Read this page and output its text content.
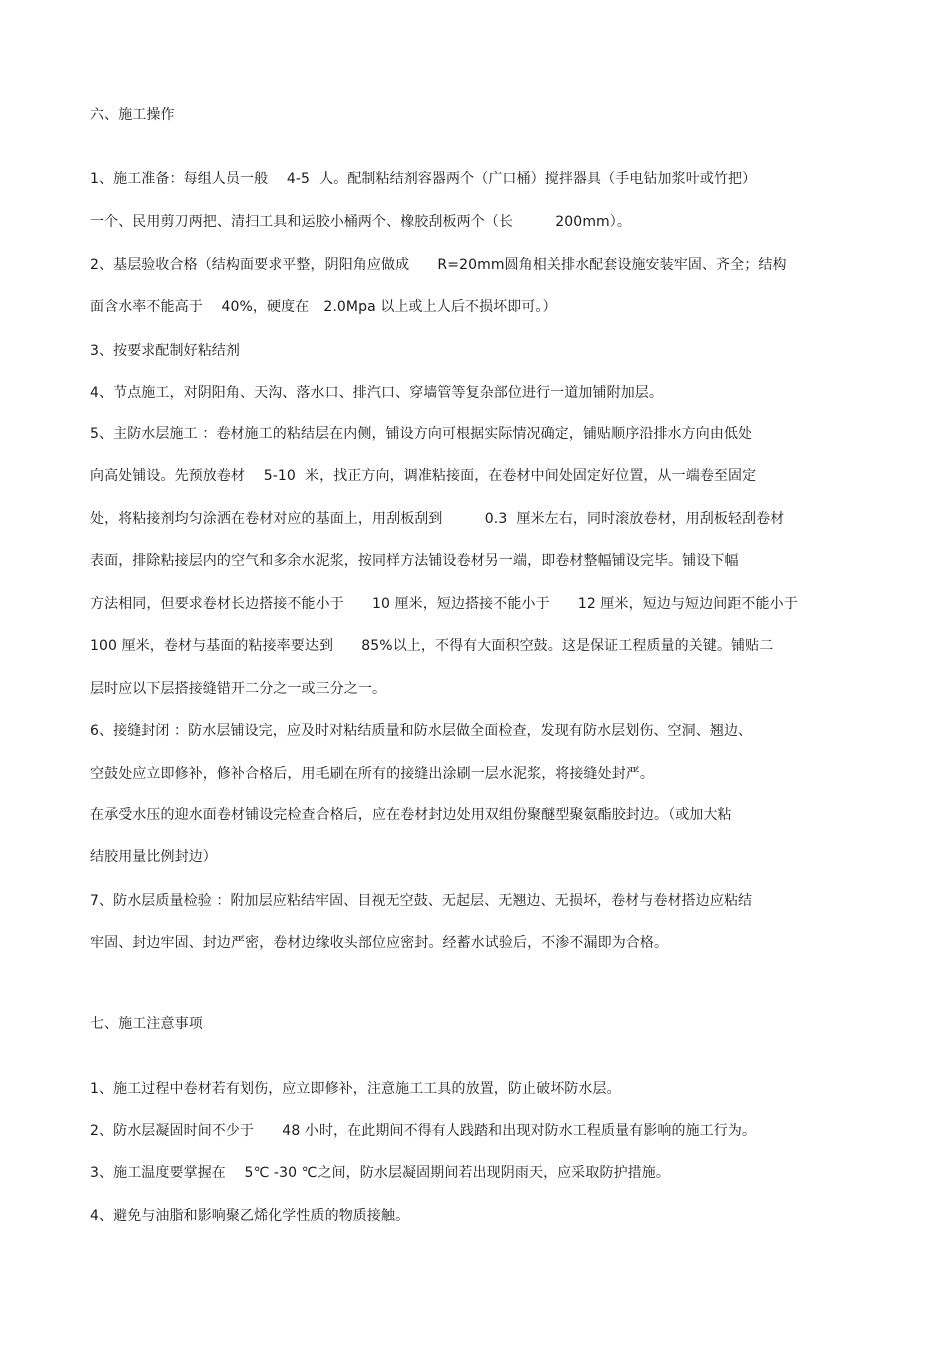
六、施工操作
1、施工准备：每组人员一般　 4-5  人。配制粘结剂容器两个（广口桶）搅拌器具（手电钻加浆叶或竹把）
一个、民用剪刀两把、清扫工具和运胶小桶两个、橡胶刮板两个（长　　　200mm）。
2、基层验收合格（结构面要求平整，阴阳角应做成　　R=20mm圆角相关排水配套设施安装牢固、齐全；结构
面含水率不能高于　 40%，硬度在　2.0Mpa 以上或上人后不损坏即可。）
3、按要求配制好粘结剂
4、节点施工，对阴阳角、天沟、落水口、排汽口、穿墙管等复杂部位进行一道加铺附加层。
5、主防水层施工 ：卷材施工的粘结层在内侧，铺设方向可根据实际情况确定，铺贴顺序沿排水方向由低处
向高处铺设。先预放卷材　 5-10  米，找正方向，调准粘接面，在卷材中间处固定好位置，从一端卷至固定
处，将粘接剂均匀涂洒在卷材对应的基面上，用刮板刮到　　　0.3  厘米左右，同时滚放卷材，用刮板轻刮卷材
表面，排除粘接层内的空气和多余水泥浆，按同样方法铺设卷材另一端，即卷材整幅铺设完毕。铺设下幅
方法相同，但要求卷材长边搭接不能小于　　10 厘米，短边搭接不能小于　　12 厘米，短边与短边间距不能小于
100 厘米，卷材与基面的粘接率要达到　　85%以上，不得有大面积空鼓。这是保证工程质量的关键。铺贴二
层时应以下层搭接缝错开二分之一或三分之一。
6、接缝封闭 ：防水层铺设完，应及时对粘结质量和防水层做全面检查，发现有防水层划伤、空洞、翘边、
空鼓处应立即修补，修补合格后，用毛刷在所有的接缝出涂刷一层水泥浆，将接缝处封严。
在承受水压的迎水面卷材铺设完检查合格后，应在卷材封边处用双组份聚醚型聚氨酯胶封边。（或加大粘
结胶用量比例封边）
7、防水层质量检验 ：附加层应粘结牢固、目视无空鼓、无起层、无翘边、无损坏，卷材与卷材搭边应粘结
牢固、封边牢固、封边严密，卷材边缘收头部位应密封。经蓄水试验后，不渗不漏即为合格。
七、施工注意事项
1、施工过程中卷材若有划伤，应立即修补，注意施工工具的放置，防止破坏防水层。
2、防水层凝固时间不少于　　48 小时，在此期间不得有人践踏和出现对防水工程质量有影响的施工行为。
3、施工温度要掌握在　 5℃ -30 ℃之间，防水层凝固期间若出现阴雨天，应采取防护措施。
4、避免与油脂和影响聚乙烯化学性质的物质接触。
